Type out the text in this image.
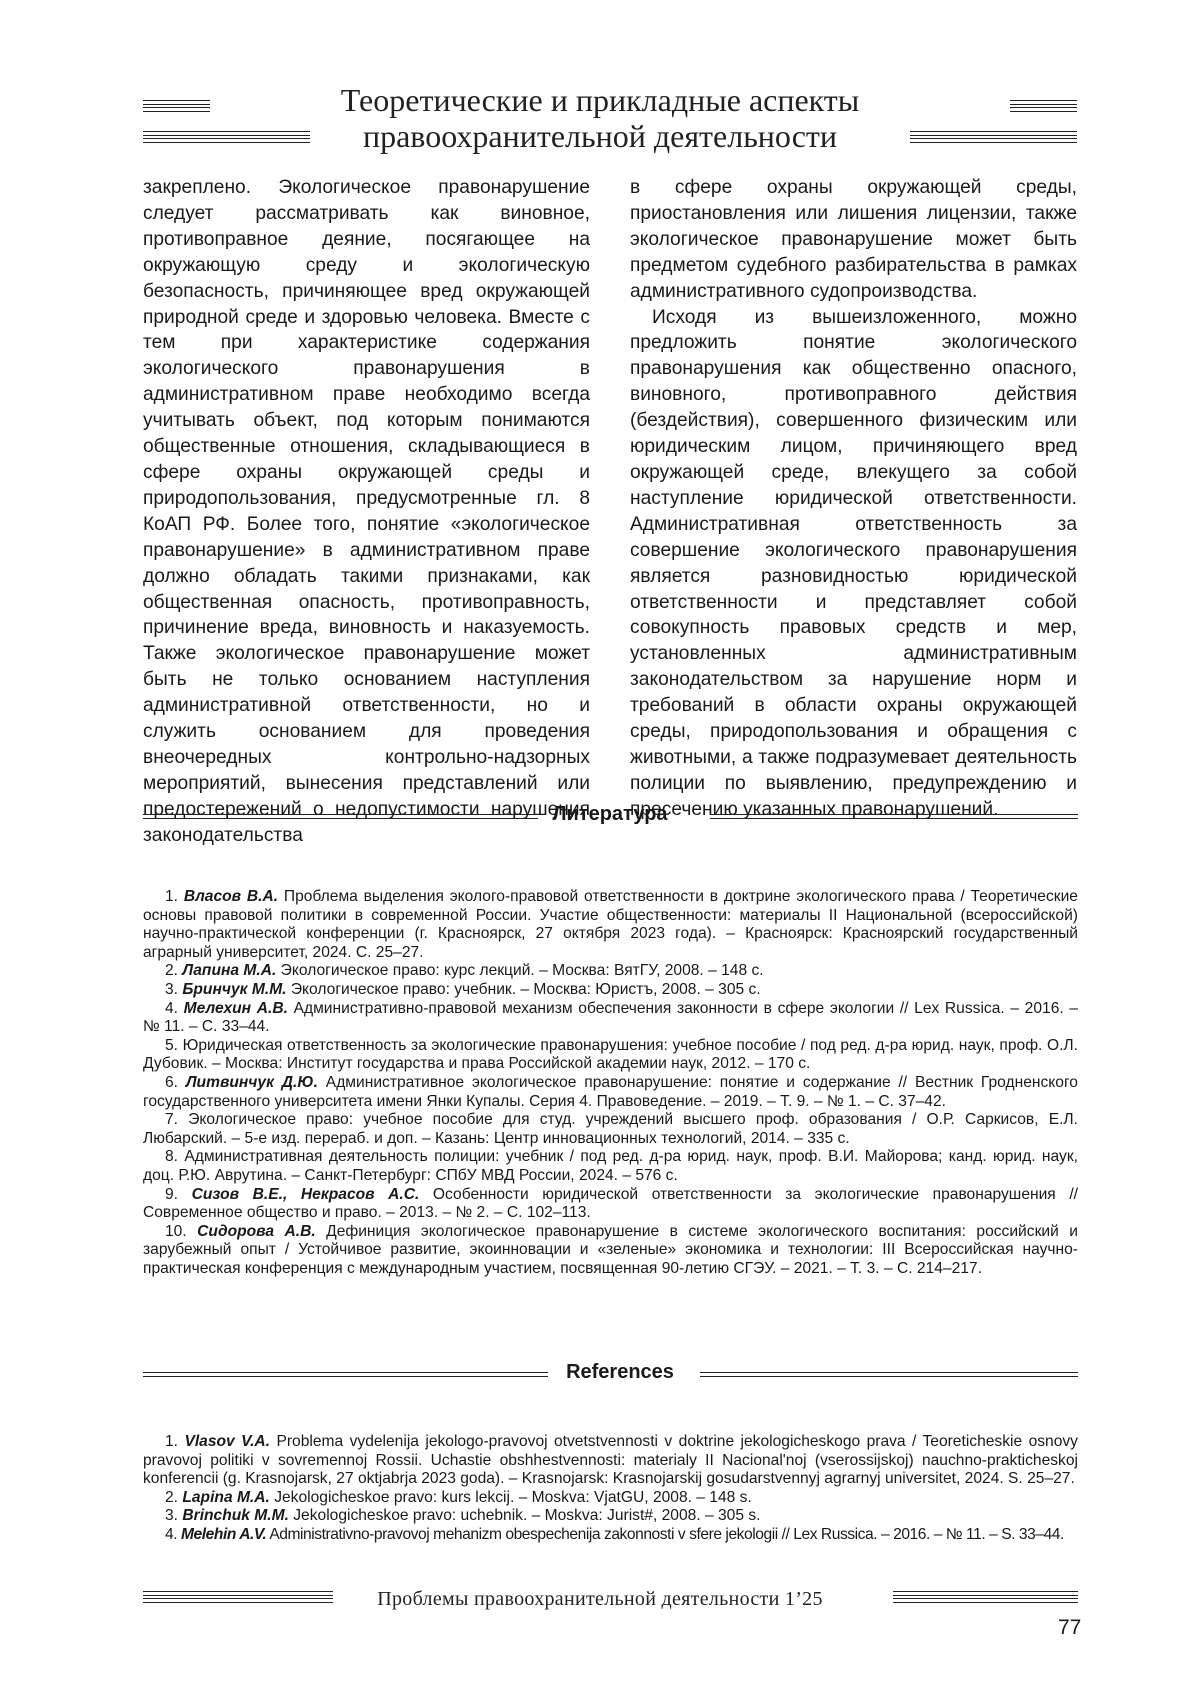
Теоретические и прикладные аспекты
правоохранительной деятельности

закреплено. Экологическое правонарушение следует рассматривать как виновное, противоправное деяние, посягающее на окружающую среду и экологическую безопасность, причиняющее вред окружающей природной среде и здоровью человека. Вместе с тем при характеристике содержания экологического правонарушения в административном праве необходимо всегда учитывать объект, под которым понимаются общественные отношения, складывающиеся в сфере охраны окружающей среды и природопользования, предусмотренные гл. 8 КоАП РФ. Более того, понятие «экологическое правонарушение» в административном праве должно обладать такими признаками, как общественная опасность, противоправность, причинение вреда, виновность и наказуемость. Также экологическое правонарушение может быть не только основанием наступления административной ответственности, но и служить основанием для проведения внеочередных контрольно-надзорных мероприятий, вынесения представлений или предостережений о недопустимости нарушения законодательства

в сфере охраны окружающей среды, приостановления или лишения лицензии, также экологическое правонарушение может быть предметом судебного разбирательства в рамках административного судопроизводства.

Исходя из вышеизложенного, можно предложить понятие экологического правонарушения как общественно опасного, виновного, противоправного действия (бездействия), совершенного физическим или юридическим лицом, причиняющего вред окружающей среде, влекущего за собой наступление юридической ответственности. Административная ответственность за совершение экологического правонарушения является разновидностью юридической ответственности и представляет собой совокупность правовых средств и мер, установленных административным законодательством за нарушение норм и требований в области охраны окружающей среды, природопользования и обращения с животными, а также подразумевает деятельность полиции по выявлению, предупреждению и пресечению указанных правонарушений.

Литература

1. Власов В.А. Проблема выделения эколого-правовой ответственности в доктрине экологического права / Теоретические основы правовой политики в современной России. Участие общественности: материалы II Национальной (всероссийской) научно-практической конференции (г. Красноярск, 27 октября 2023 года). – Красноярск: Красноярский государственный аграрный университет, 2024. С. 25–27.

2. Лапина М.А. Экологическое право: курс лекций. – Москва: ВятГУ, 2008. – 148 с.

3. Бринчук М.М. Экологическое право: учебник. – Москва: Юристъ, 2008. – 305 с.

4. Мелехин А.В. Административно-правовой механизм обеспечения законности в сфере экологии // Lex Russica. – 2016. – № 11. – С. 33–44.

5. Юридическая ответственность за экологические правонарушения: учебное пособие / под ред. д-ра юрид. наук, проф. О.Л. Дубовик. – Москва: Институт государства и права Российской академии наук, 2012. – 170 с.

6. Литвинчук Д.Ю. Административное экологическое правонарушение: понятие и содержание // Вестник Гродненского государственного университета имени Янки Купалы. Серия 4. Правоведение. – 2019. – Т. 9. – № 1. – С. 37–42.

7. Экологическое право: учебное пособие для студ. учреждений высшего проф. образования / О.Р. Саркисов, Е.Л. Любарский. – 5-е изд. перераб. и доп. – Казань: Центр инновационных технологий, 2014. – 335 с.

8. Административная деятельность полиции: учебник / под ред. д-ра юрид. наук, проф. В.И. Майорова; канд. юрид. наук, доц. Р.Ю. Аврутина. – Санкт-Петербург: СПбУ МВД России, 2024. – 576 с.

9. Сизов В.Е., Некрасов А.С. Особенности юридической ответственности за экологические правонарушения // Современное общество и право. – 2013. – № 2. – С. 102–113.

10. Сидорова А.В. Дефиниция экологическое правонарушение в системе экологического воспитания: российский и зарубежный опыт / Устойчивое развитие, экоинновации и «зеленые» экономика и технологии: III Всероссийская научно-практическая конференция с международным участием, посвященная 90-летию СГЭУ. – 2021. – Т. 3. – С. 214–217.

References

1. Vlasov V.A. Problema vydelenija jekologo-pravovoj otvetstvennosti v doktrine jekologicheskogo prava / Teoreticheskie osnovy pravovoj politiki v sovremennoj Rossii. Uchastie obshhestvennosti: materialy II Nacional'noj (vserossijskoj) nauchno-prakticheskoj konferencii (g. Krasnojarsk, 27 oktjabrja 2023 goda). – Krasnojarsk: Krasnojarskij gosudarstvennyj agrarnyj universitet, 2024. S. 25–27.

2. Lapina M.A. Jekologicheskoe pravo: kurs lekcij. – Moskva: VjatGU, 2008. – 148 s.

3. Brinchuk M.M. Jekologicheskoe pravo: uchebnik. – Moskva: Jurist#, 2008. – 305 s.

4. Melehin A.V. Administrativno-pravovoj mehanizm obespechenija zakonnosti v sfere jekologii // Lex Russica. – 2016. – № 11. – S. 33–44.

Проблемы правоохранительной деятельности 1’25
77
